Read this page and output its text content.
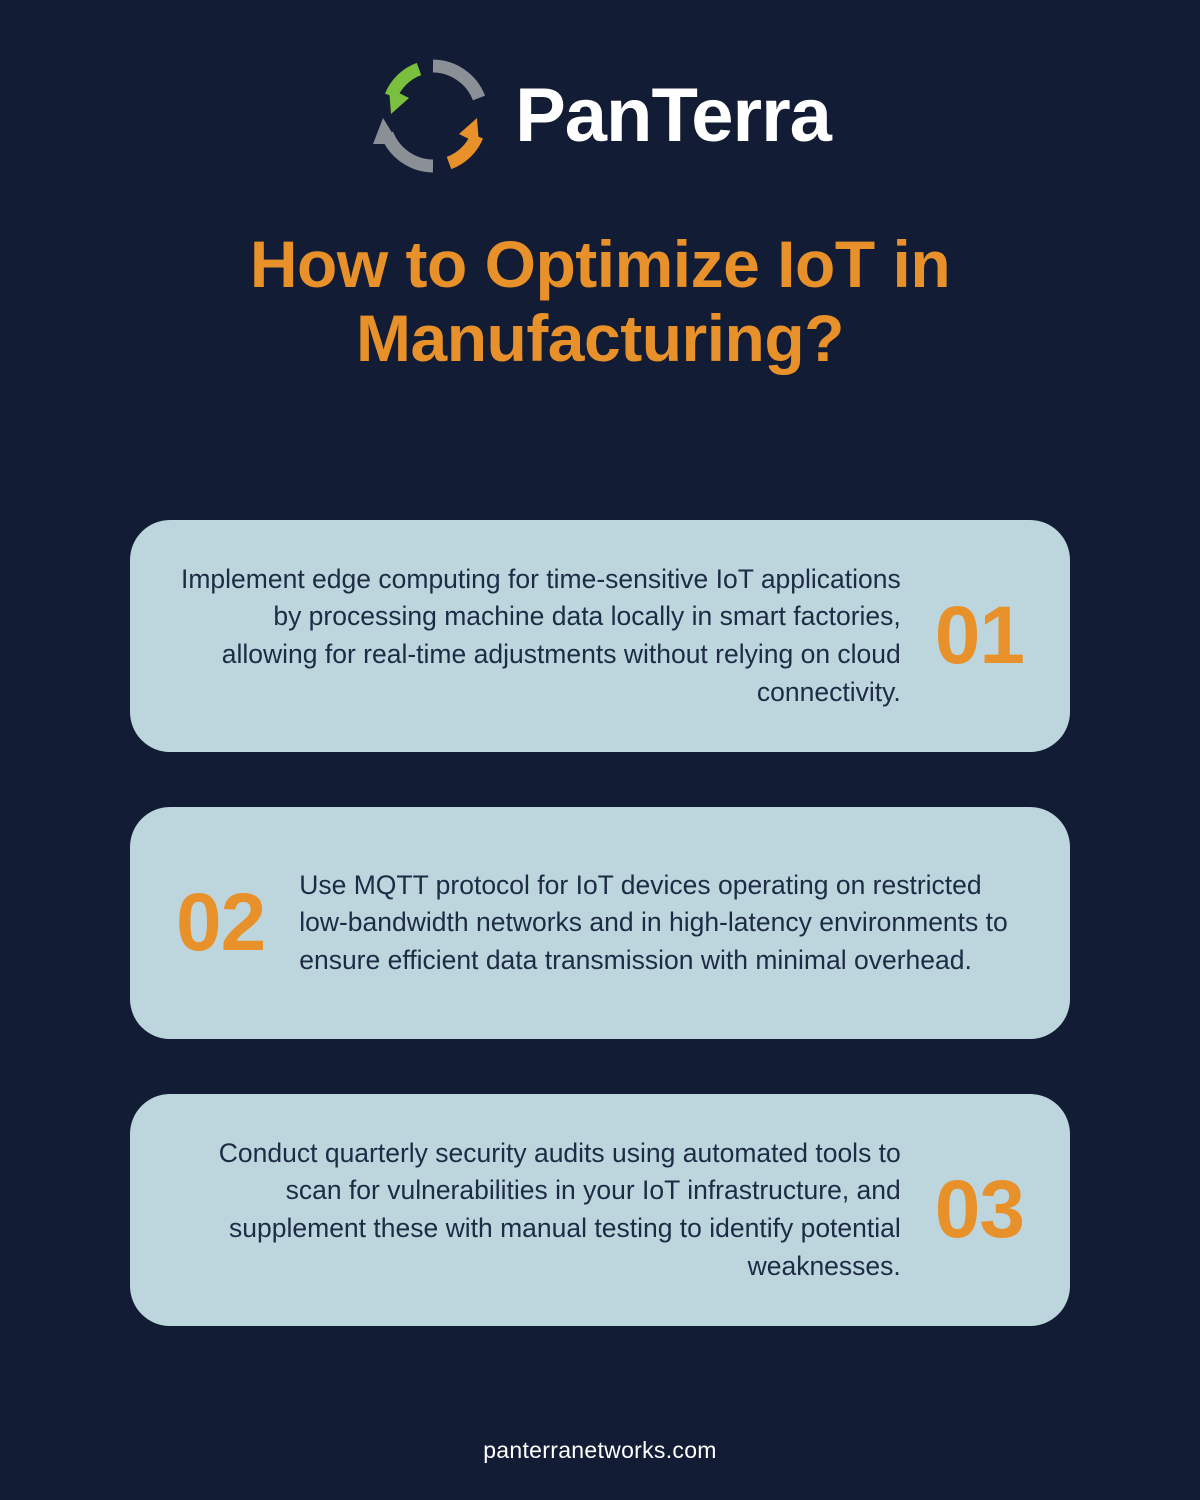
PanTerra
How to Optimize IoT in Manufacturing?
Implement edge computing for time-sensitive IoT applications by processing machine data locally in smart factories, allowing for real-time adjustments without relying on cloud connectivity.
01
02	Use MQTT protocol for IoT devices operating on restricted low-bandwidth networks and in high-latency environments to ensure efficient data transmission with minimal overhead.
Conduct quarterly security audits using automated tools to scan for vulnerabilities in your IoT infrastructure, and supplement these with manual testing to identify potential weaknesses.
03
panterranetworks.com
